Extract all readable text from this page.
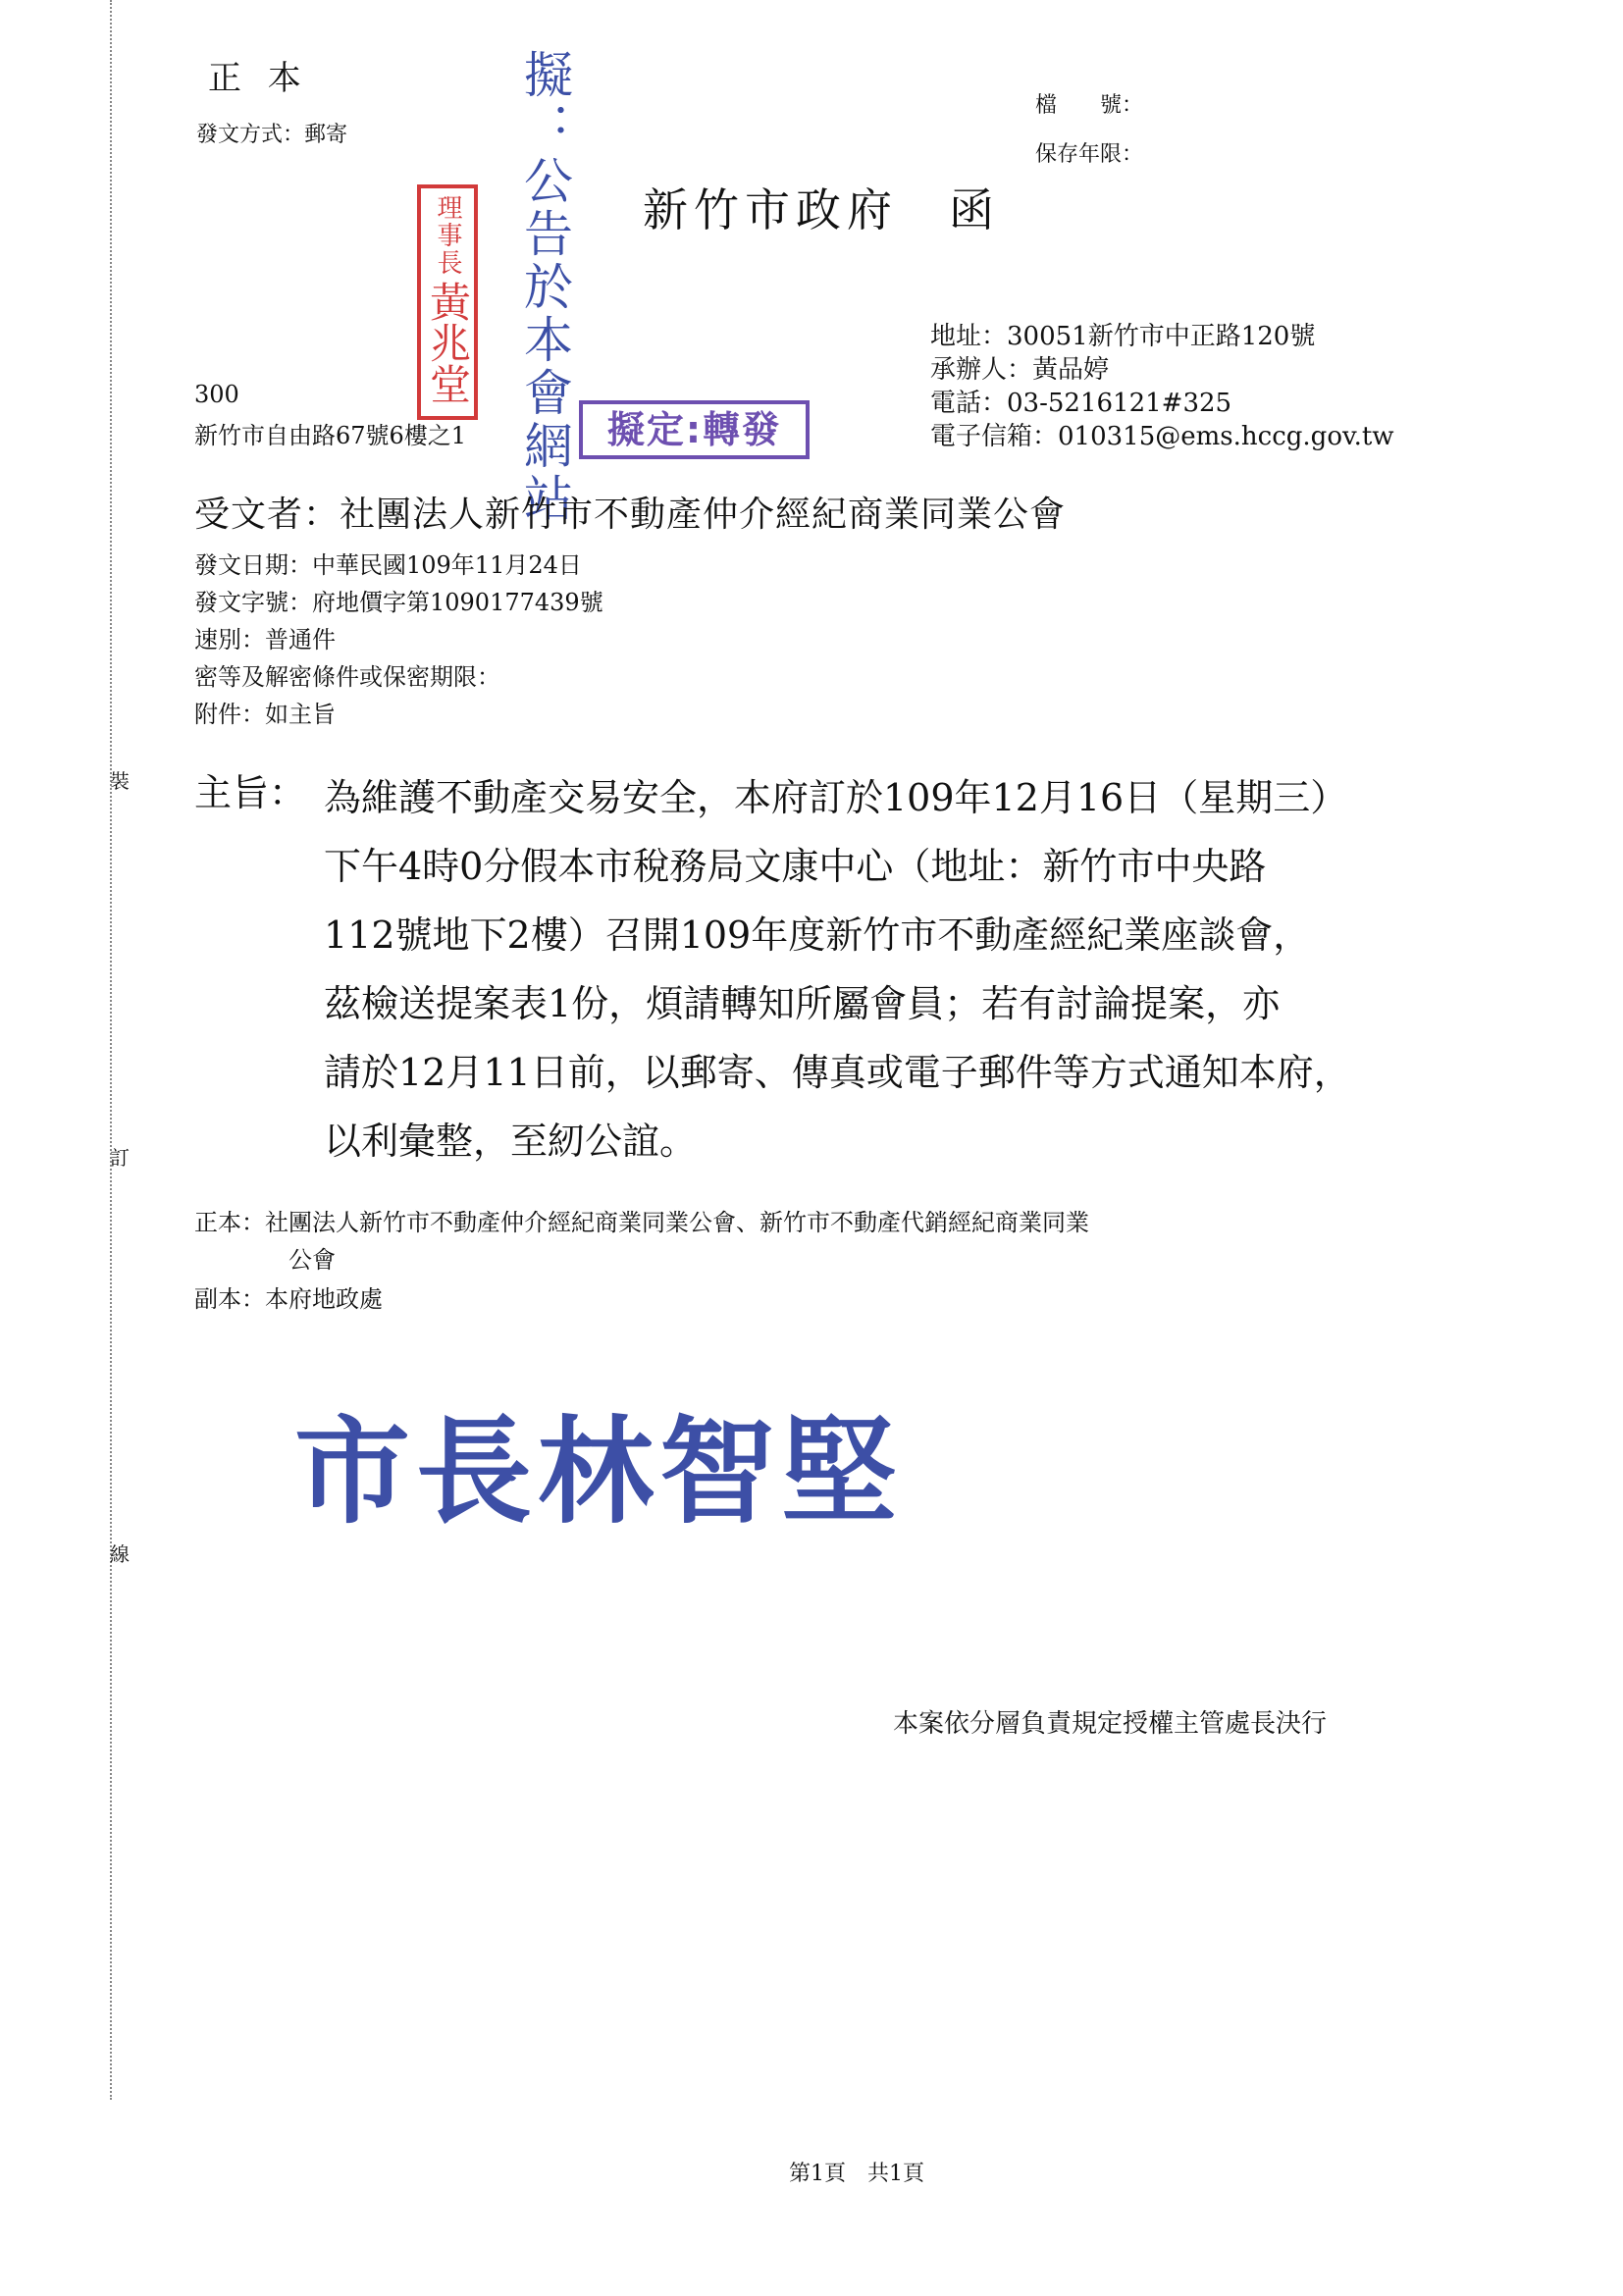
裝
訂
線
正 本
發文方式：郵寄
檔　　號：
保存年限：
新竹市政府　函
理事長
黃兆堂 擬：公告於本會網站	地址：30051新竹市中正路120號
承辦人：黃品婷
電話：03-5216121#325
電子信箱：010315@ems.hccg.gov.tw
300
新竹市自由路67號6樓之1	擬定:轉發
受文者：社團法人新竹市不動產仲介經紀商業同業公會
發文日期：中華民國109年11月24日
發文字號：府地價字第1090177439號
速別：普通件
密等及解密條件或保密期限：
附件：如主旨
主旨： 為維護不動產交易安全，本府訂於109年12月16日（星期三）
下午4時0分假本市稅務局文康中心（地址：新竹市中央路
112號地下2樓）召開109年度新竹市不動產經紀業座談會，
茲檢送提案表1份，煩請轉知所屬會員；若有討論提案，亦
請於12月11日前，以郵寄、傳真或電子郵件等方式通知本府，
以利彙整，至紉公誼。
正本：社團法人新竹市不動產仲介經紀商業同業公會、新竹市不動產代銷經紀商業同業
公會
副本：本府地政處
市長林智堅
本案依分層負責規定授權主管處長決行
第1頁　共1頁
